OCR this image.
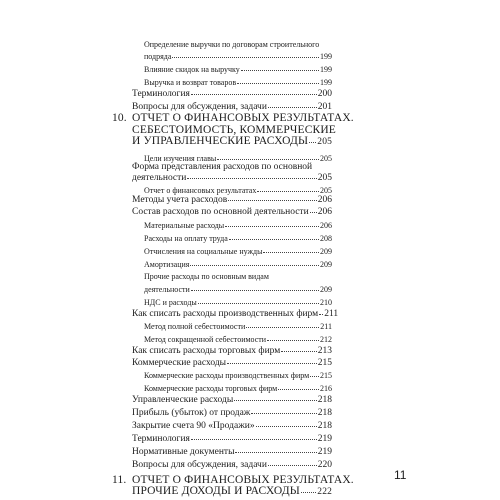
Определение выручки по договорам строительного
подряда	199
Влияние скидок на выручку	199
Выручка и возврат товаров	199
Терминология	200
Вопросы для обсуждения, задачи	201
10. ОТЧЕТ О ФИНАНСОВЫХ РЕЗУЛЬТАТАХ.
СЕБЕСТОИМОСТЬ, КОММЕРЧЕСКИЕ
И УПРАВЛЕНЧЕСКИЕ РАСХОДЫ 205
Цели изучения главы	205
Форма представления расходов по основной
деятельности	205
Отчет о финансовых результатах	205
Методы учета расходов	206
Состав расходов по основной деятельности 206
Материальные расходы	206
Расходы на оплату труда	208
Отчисления на социальные нужды	209
Амортизация	209
Прочие расходы по основным видам
деятельности	209
НДС и расходы	210
Как списать расходы производственных фирм 211
Метод полной себестоимости	211
Метод сокращенной себестоимости	212
Как списать расходы торговых фирм	213
Коммерческие расходы	215
Коммерческие расходы производственных фирм 215
Коммерческие расходы торговых фирм	216
Управленческие расходы	218
Прибыль (убыток) от продаж	218
Закрытие счета 90 «Продажи»	218
Терминология	219
Нормативные документы	219
Вопросы для обсуждения, задачи	220
11. ОТЧЕТ О ФИНАНСОВЫХ РЕЗУЛЬТАТАХ.
ПРОЧИЕ ДОХОДЫ И РАСХОДЫ 222
11
